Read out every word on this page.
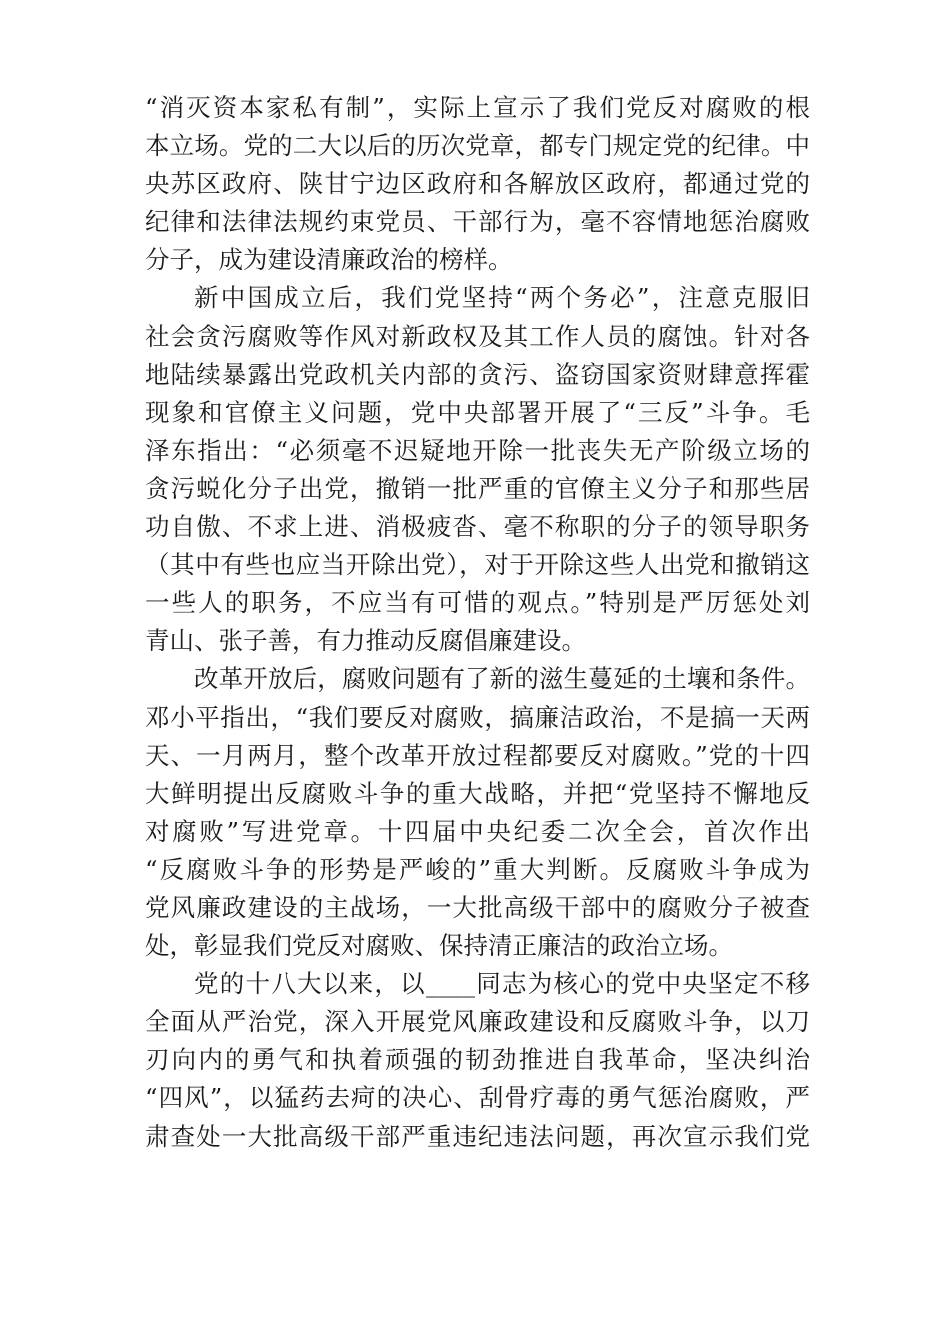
“消灭资本家私有制”，实际上宣示了我们党反对腐败的根
本立场。党的二大以后的历次党章，都专门规定党的纪律。中
央苏区政府、陕甘宁边区政府和各解放区政府，都通过党的
纪律和法律法规约束党员、干部行为，毫不容情地惩治腐败
分子，成为建设清廉政治的榜样。
新中国成立后，我们党坚持“两个务必”，注意克服旧
社会贪污腐败等作风对新政权及其工作人员的腐蚀。针对各
地陆续暴露出党政机关内部的贪污、盗窃国家资财肆意挥霍
现象和官僚主义问题，党中央部署开展了“三反”斗争。毛
泽东指出：“必须毫不迟疑地开除一批丧失无产阶级立场的
贪污蜕化分子出党，撤销一批严重的官僚主义分子和那些居
功自傲、不求上进、消极疲沓、毫不称职的分子的领导职务
（其中有些也应当开除出党），对于开除这些人出党和撤销这
一些人的职务，不应当有可惜的观点。”特别是严厉惩处刘
青山、张子善，有力推动反腐倡廉建设。
改革开放后，腐败问题有了新的滋生蔓延的土壤和条件。
邓小平指出，“我们要反对腐败，搞廉洁政治，不是搞一天两
天、一月两月，整个改革开放过程都要反对腐败。”党的十四
大鲜明提出反腐败斗争的重大战略，并把“党坚持不懈地反
对腐败”写进党章。十四届中央纪委二次全会，首次作出
“反腐败斗争的形势是严峻的”重大判断。反腐败斗争成为
党风廉政建设的主战场，一大批高级干部中的腐败分子被查
处，彰显我们党反对腐败、保持清正廉洁的政治立场。
党的十八大以来，以____同志为核心的党中央坚定不移
全面从严治党，深入开展党风廉政建设和反腐败斗争，以刀
刃向内的勇气和执着顽强的韧劲推进自我革命，坚决纠治
“四风”，以猛药去疴的决心、刮骨疗毒的勇气惩治腐败，严
肃查处一大批高级干部严重违纪违法问题，再次宣示我们党
